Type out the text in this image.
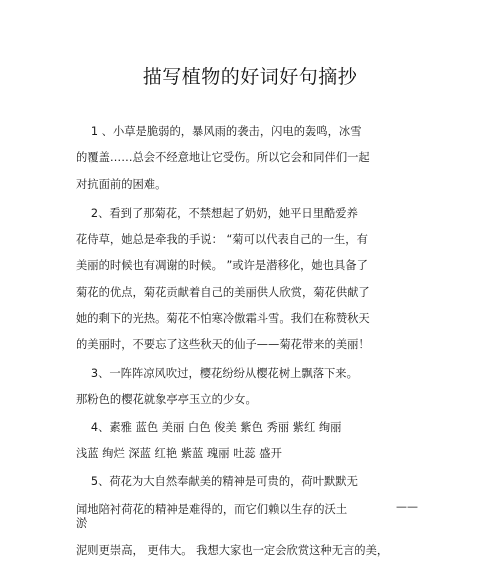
描写植物的好词好句摘抄
　 1 、小草是脆弱的，暴风雨的袭击，闪电的轰鸣，冰雪
的覆盖……总会不经意地让它受伤。所以它会和同伴们一起
对抗面前的困难。
　 2、看到了那菊花，不禁想起了奶奶，她平日里酷爱养
花侍草，她总是牵我的手说： “菊可以代表自己的一生，有
美丽的时候也有凋谢的时候。 ”或许是潜移化，她也具备了
菊花的优点，菊花贡献着自己的美丽供人欣赏，菊花供献了
她的剩下的光热。菊花不怕寒冷傲霜斗雪。我们在称赞秋天
的美丽时，不要忘了这些秋天的仙子——菊花带来的美丽！
　 3、一阵阵凉风吹过，樱花纷纷从樱花树上飘落下来。
那粉色的樱花就象亭亭玉立的少女。
　 4、素雅 蓝色 美丽 白色 俊美 紫色 秀丽 紫红 绚丽
浅蓝 绚烂 深蓝 红艳 紫蓝 瑰丽 吐蕊 盛开
　 5、荷花为大自然奉献美的精神是可贵的，荷叶默默无
闻地陪衬荷花的精神是难得的，而它们赖以生存的沃土
淤
——
泥则更崇高， 更伟大。 我想大家也一定会欣赏这种无言的美，
